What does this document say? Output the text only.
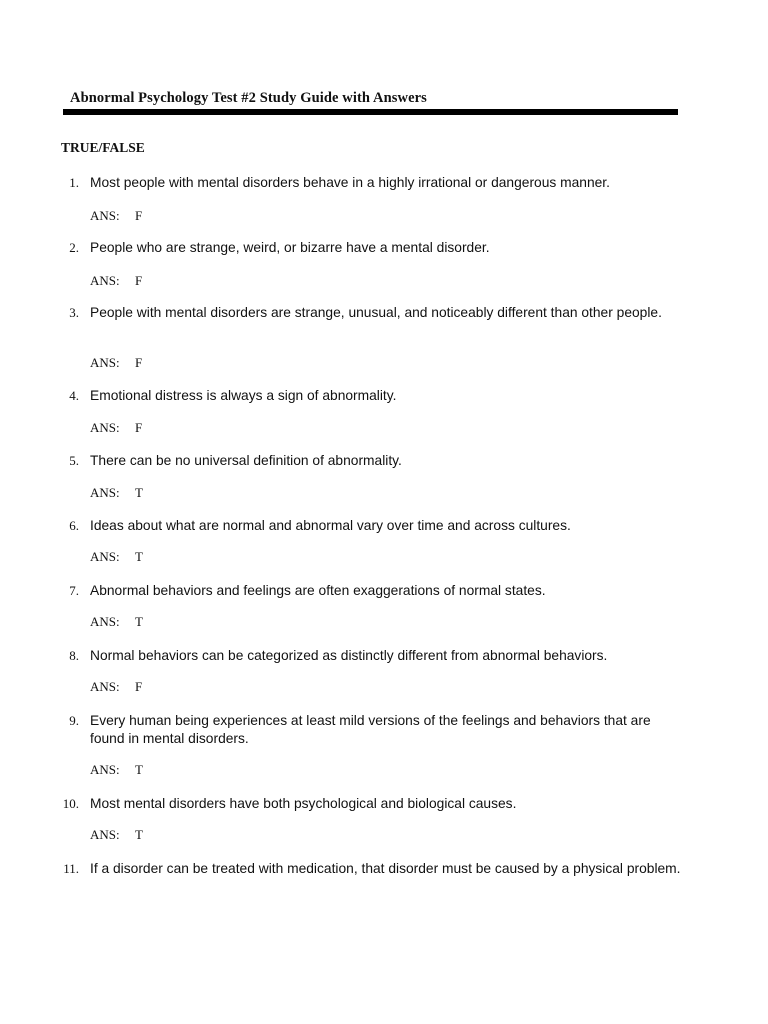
Abnormal Psychology Test #2 Study Guide with Answers
TRUE/FALSE
1. Most people with mental disorders behave in a highly irrational or dangerous manner.
ANS: F
2. People who are strange, weird, or bizarre have a mental disorder.
ANS: F
3. People with mental disorders are strange, unusual, and noticeably different than other people.
ANS: F
4. Emotional distress is always a sign of abnormality.
ANS: F
5. There can be no universal definition of abnormality.
ANS: T
6. Ideas about what are normal and abnormal vary over time and across cultures.
ANS: T
7. Abnormal behaviors and feelings are often exaggerations of normal states.
ANS: T
8. Normal behaviors can be categorized as distinctly different from abnormal behaviors.
ANS: F
9. Every human being experiences at least mild versions of the feelings and behaviors that are found in mental disorders.
ANS: T
10. Most mental disorders have both psychological and biological causes.
ANS: T
11. If a disorder can be treated with medication, that disorder must be caused by a physical problem.
